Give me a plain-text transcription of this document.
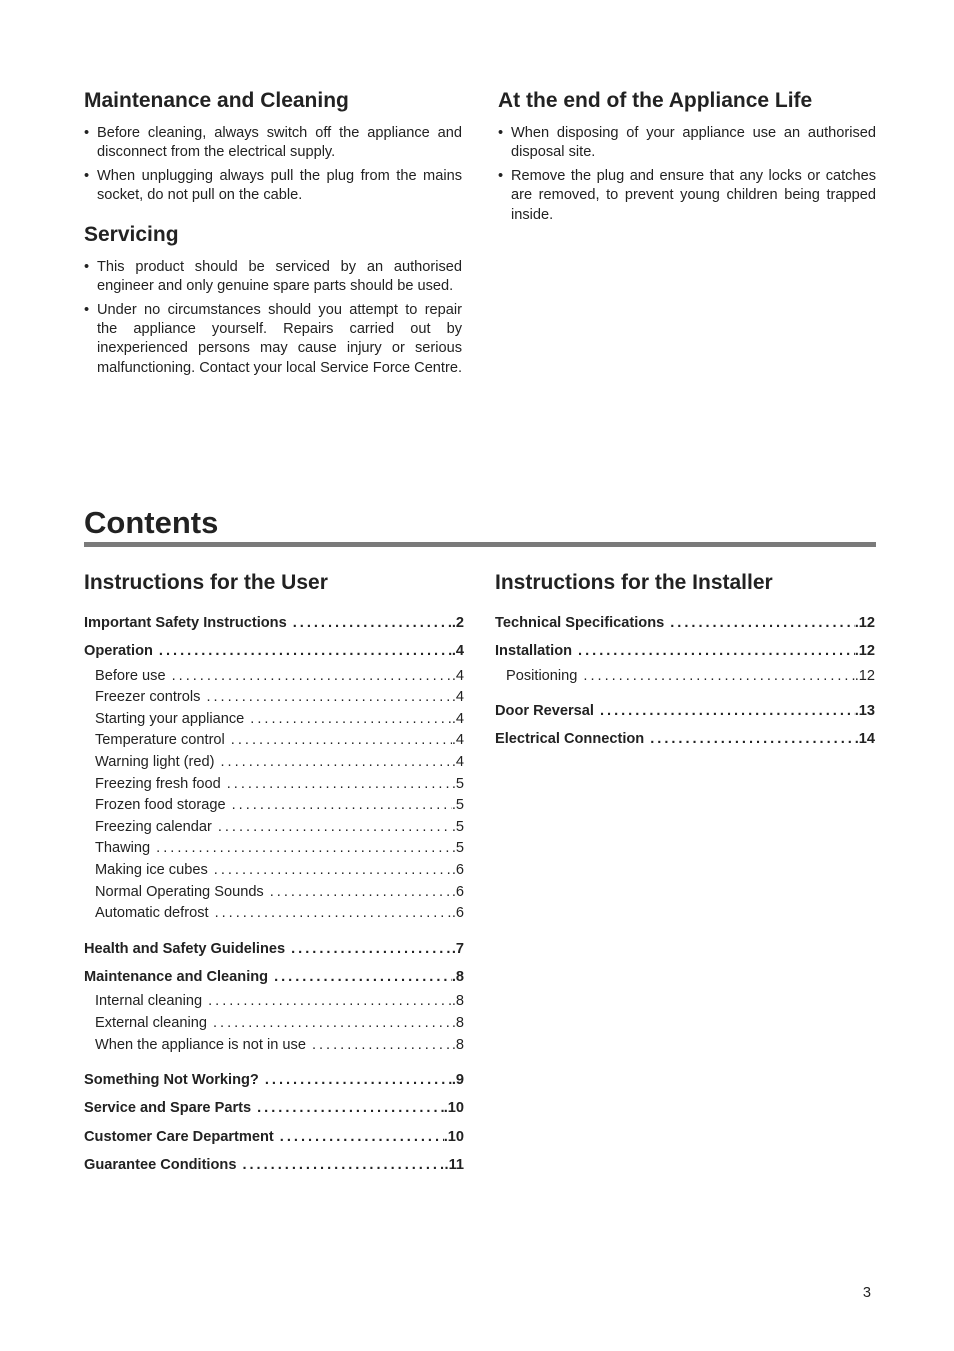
Maintenance and Cleaning
• Before cleaning, always switch off the appliance and disconnect from the electrical supply.
• When unplugging always pull the plug from the mains socket, do not pull on the cable.
Servicing
• This product should be serviced by an authorised engineer and only genuine spare parts should be used.
• Under no circumstances should you attempt to repair the appliance yourself. Repairs carried out by inexperienced persons may cause injury or serious malfunctioning. Contact your local Service Force Centre.
At the end of the Appliance Life
• When disposing of your appliance use an authorised disposal site.
• Remove the plug and ensure that any locks or catches are removed, to prevent young children being trapped inside.
Contents
Instructions for the User
Important Safety Instructions .....	.2
Operation .....	.4
Before use .....	.4
Freezer controls .....	.4
Starting your appliance .....	.4
Temperature control .....	.4
Warning light (red) .....	.4
Freezing fresh food .....	.5
Frozen food storage .....	.5
Freezing calendar .....	.5
Thawing .....	.5
Making ice cubes .....	.6
Normal Operating Sounds .....	.6
Automatic defrost .....	.6
Health and Safety Guidelines .....	.7
Maintenance and Cleaning .....	.8
Internal cleaning .....	.8
External cleaning .....	.8
When the appliance is not in use .....	.8
Something Not Working? .....	.9
Service and Spare Parts .....	.10
Customer Care Department .....	.10
Guarantee Conditions .....	.11
Instructions for the Installer
Technical Specifications .....	.12
Installation .....	.12
Positioning .....	.12
Door Reversal .....	.13
Electrical Connection .....	.14
3
